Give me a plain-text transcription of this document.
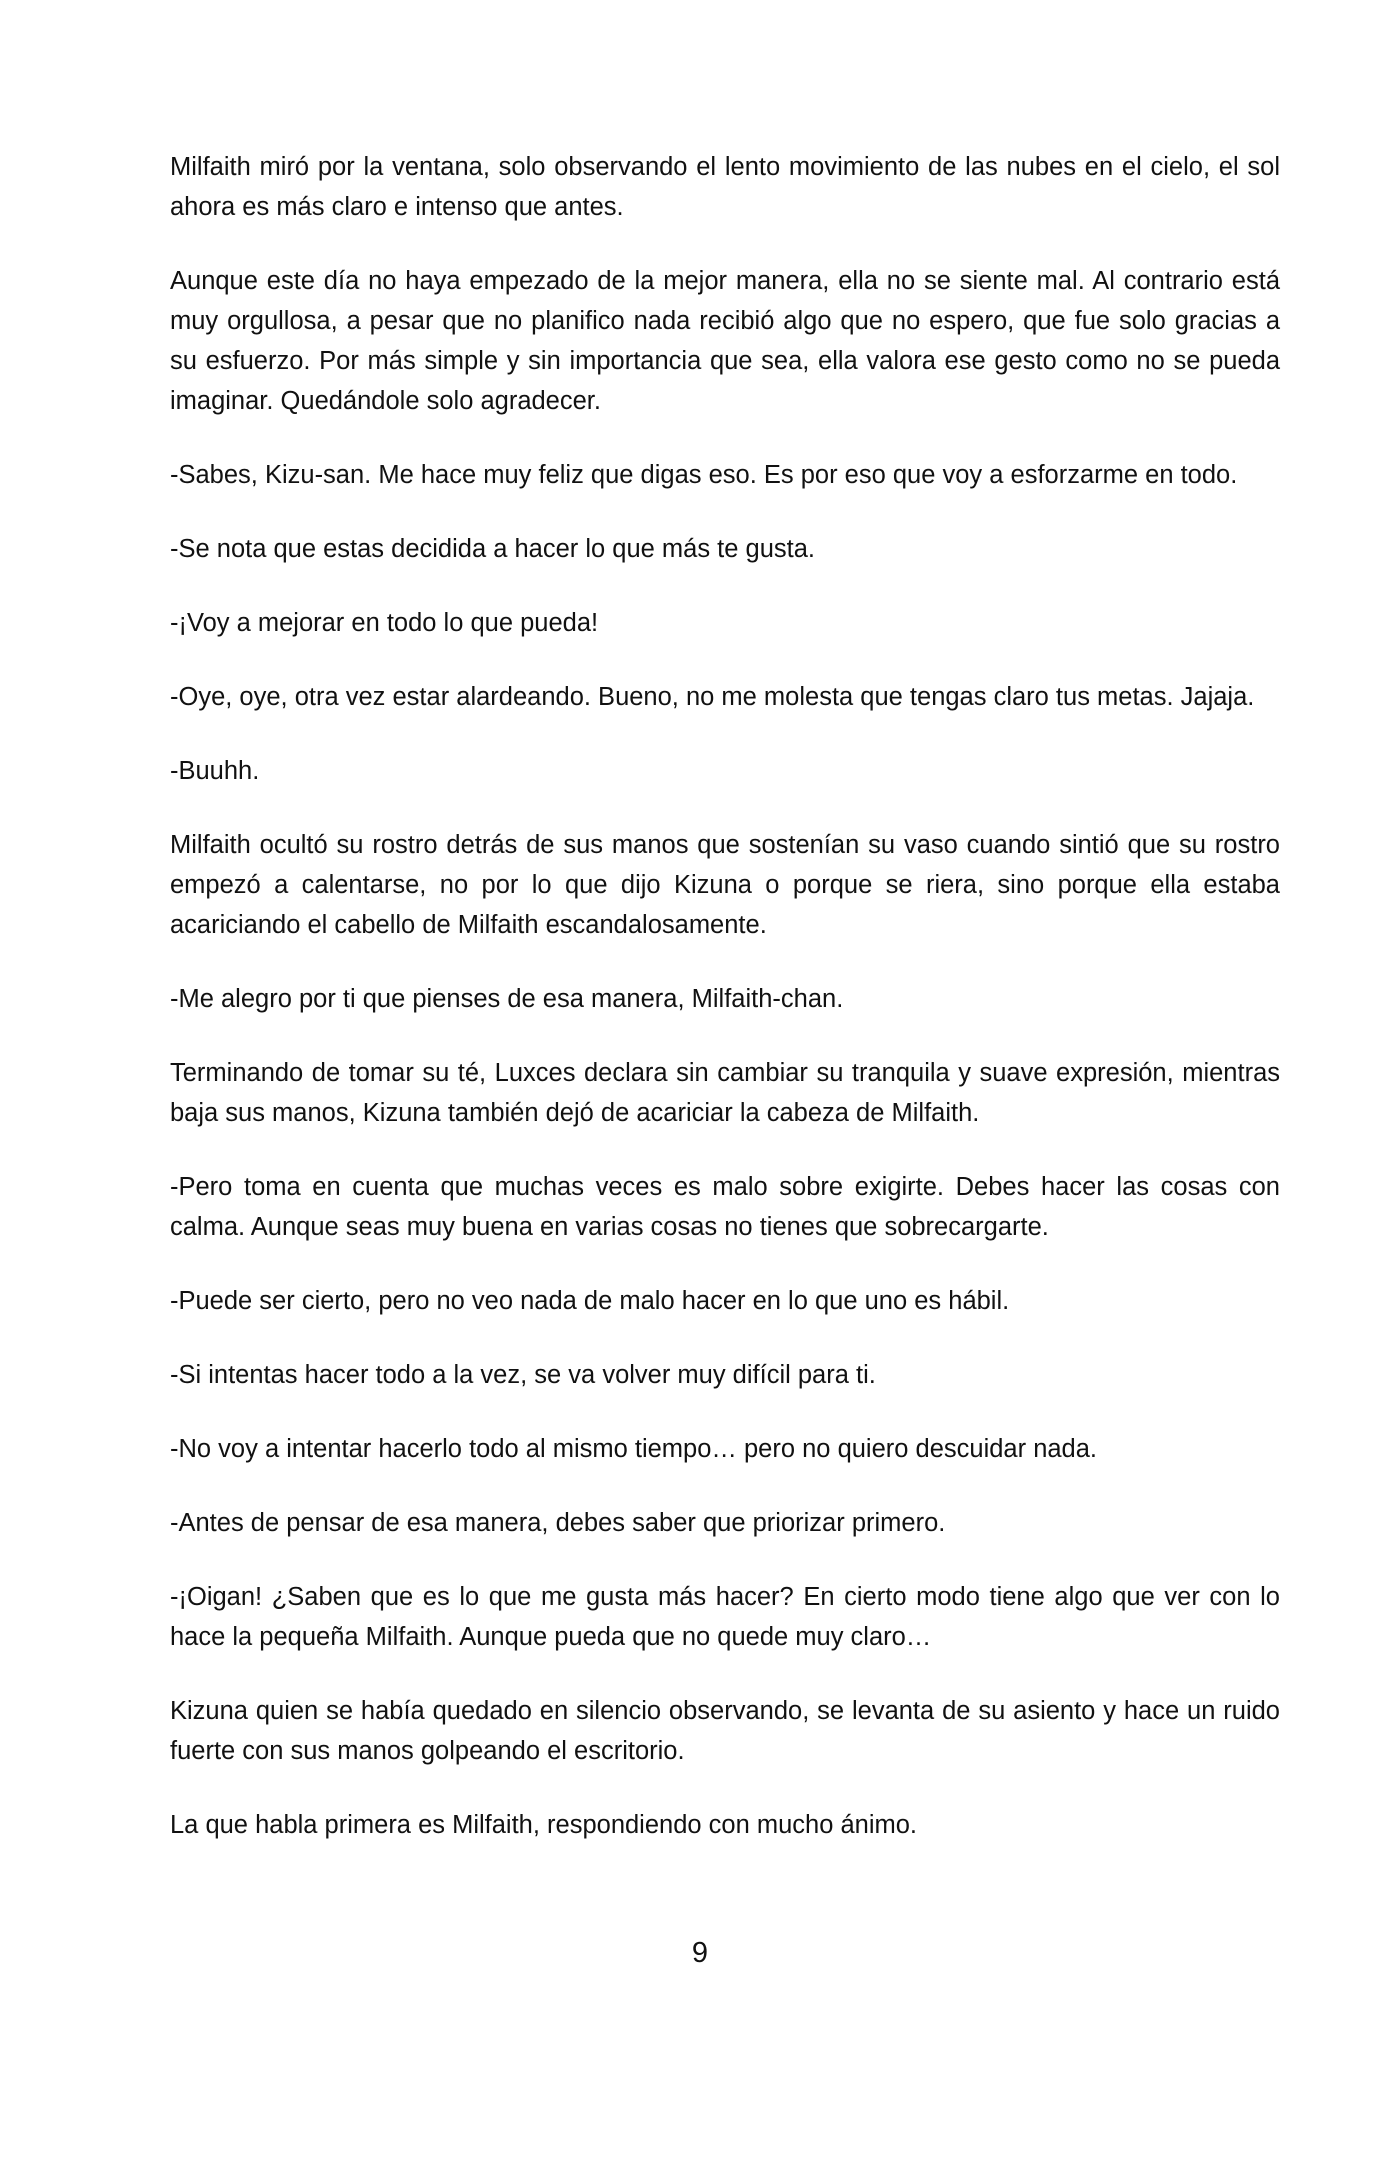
Milfaith miró por la ventana, solo observando el lento movimiento de las nubes en el cielo, el sol ahora es más claro e intenso que antes.

Aunque este día no haya empezado de la mejor manera, ella no se siente mal. Al contrario está muy orgullosa, a pesar que no planifico nada recibió algo que no espero, que fue solo gracias a su esfuerzo. Por más simple y sin importancia que sea, ella valora ese gesto como no se pueda imaginar. Quedándole solo agradecer.

-Sabes, Kizu-san. Me hace muy feliz que digas eso. Es por eso que voy a esforzarme en todo.

-Se nota que estas decidida a hacer lo que más te gusta.

-¡Voy a mejorar en todo lo que pueda!

-Oye, oye, otra vez estar alardeando. Bueno, no me molesta que tengas claro tus metas. Jajaja.

-Buuhh.

Milfaith ocultó su rostro detrás de sus manos que sostenían su vaso cuando sintió que su rostro empezó a calentarse, no por lo que dijo Kizuna o porque se riera, sino porque ella estaba acariciando el cabello de Milfaith escandalosamente.

-Me alegro por ti que pienses de esa manera, Milfaith-chan.

Terminando de tomar su té, Luxces declara sin cambiar su tranquila y suave expresión, mientras baja sus manos, Kizuna también dejó de acariciar la cabeza de Milfaith.

-Pero toma en cuenta que muchas veces es malo sobre exigirte. Debes hacer las cosas con calma. Aunque seas muy buena en varias cosas no tienes que sobrecargarte.

-Puede ser cierto, pero no veo nada de malo hacer en lo que uno es hábil.

-Si intentas hacer todo a la vez, se va volver muy difícil para ti.

-No voy a intentar hacerlo todo al mismo tiempo… pero no quiero descuidar nada.

-Antes de pensar de esa manera, debes saber que priorizar primero.

-¡Oigan! ¿Saben que es lo que me gusta más hacer? En cierto modo tiene algo que ver con lo hace la pequeña Milfaith. Aunque pueda que no quede muy claro…

Kizuna quien se había quedado en silencio observando, se levanta de su asiento y hace un ruido fuerte con sus manos golpeando el escritorio.

La que habla primera es Milfaith, respondiendo con mucho ánimo.

9
